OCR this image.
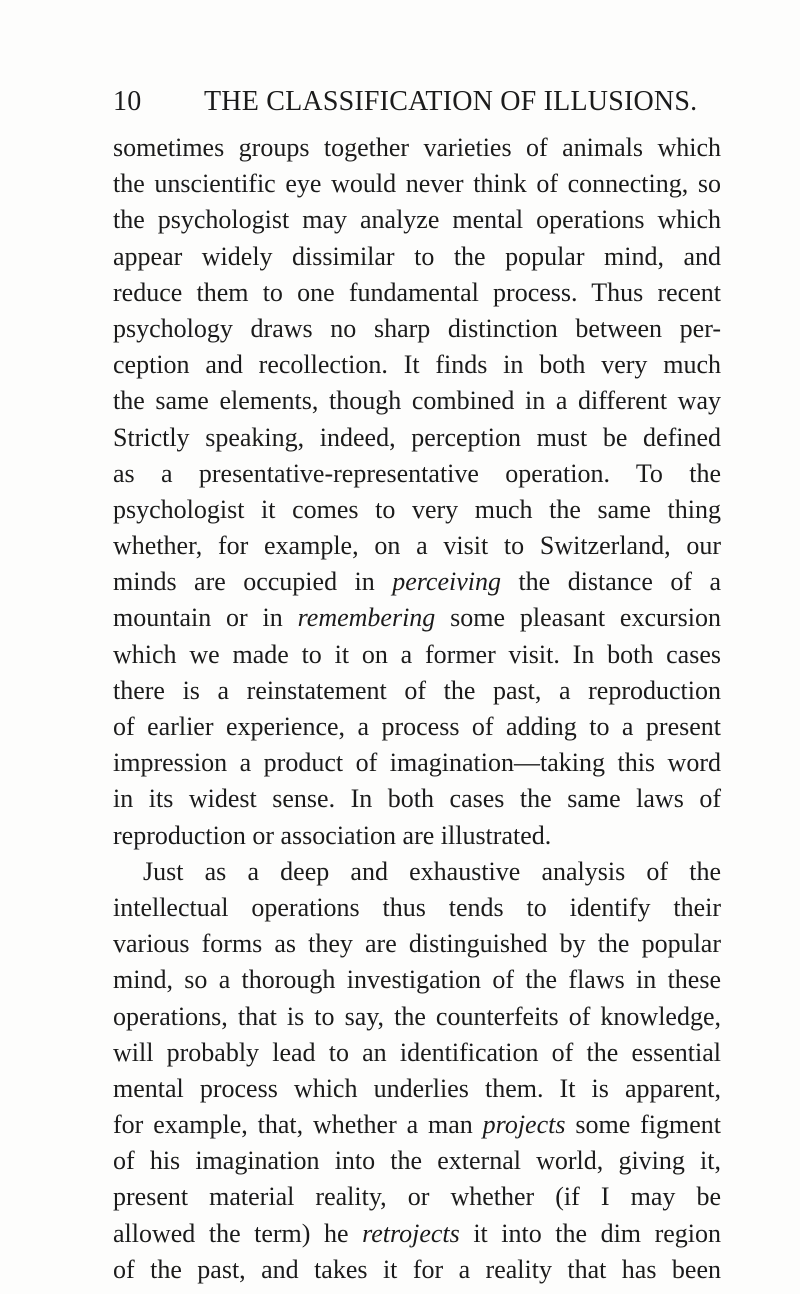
10 THE CLASSIFICATION OF ILLUSIONS.
sometimes groups together varieties of animals which
the unscientific eye would never think of connecting, so
the psychologist may analyze mental operations which
appear widely dissimilar to the popular mind, and
reduce them to one fundamental process. Thus recent
psychology draws no sharp distinction between per-
ception and recollection. It finds in both very much
the same elements, though combined in a different way
Strictly speaking, indeed, perception must be defined
as a presentative-representative operation. To the
psychologist it comes to very much the same thing
whether, for example, on a visit to Switzerland, our
minds are occupied in perceiving the distance of a
mountain or in remembering some pleasant excursion
which we made to it on a former visit. In both cases
there is a reinstatement of the past, a reproduction
of earlier experience, a process of adding to a present
impression a product of imagination—taking this word
in its widest sense. In both cases the same laws of
reproduction or association are illustrated.
Just as a deep and exhaustive analysis of the
intellectual operations thus tends to identify their
various forms as they are distinguished by the popular
mind, so a thorough investigation of the flaws in these
operations, that is to say, the counterfeits of knowledge,
will probably lead to an identification of the essential
mental process which underlies them. It is apparent,
for example, that, whether a man projects some figment
of his imagination into the external world, giving it,
present material reality, or whether (if I may be
allowed the term) he retrojects it into the dim region
of the past, and takes it for a reality that has been
